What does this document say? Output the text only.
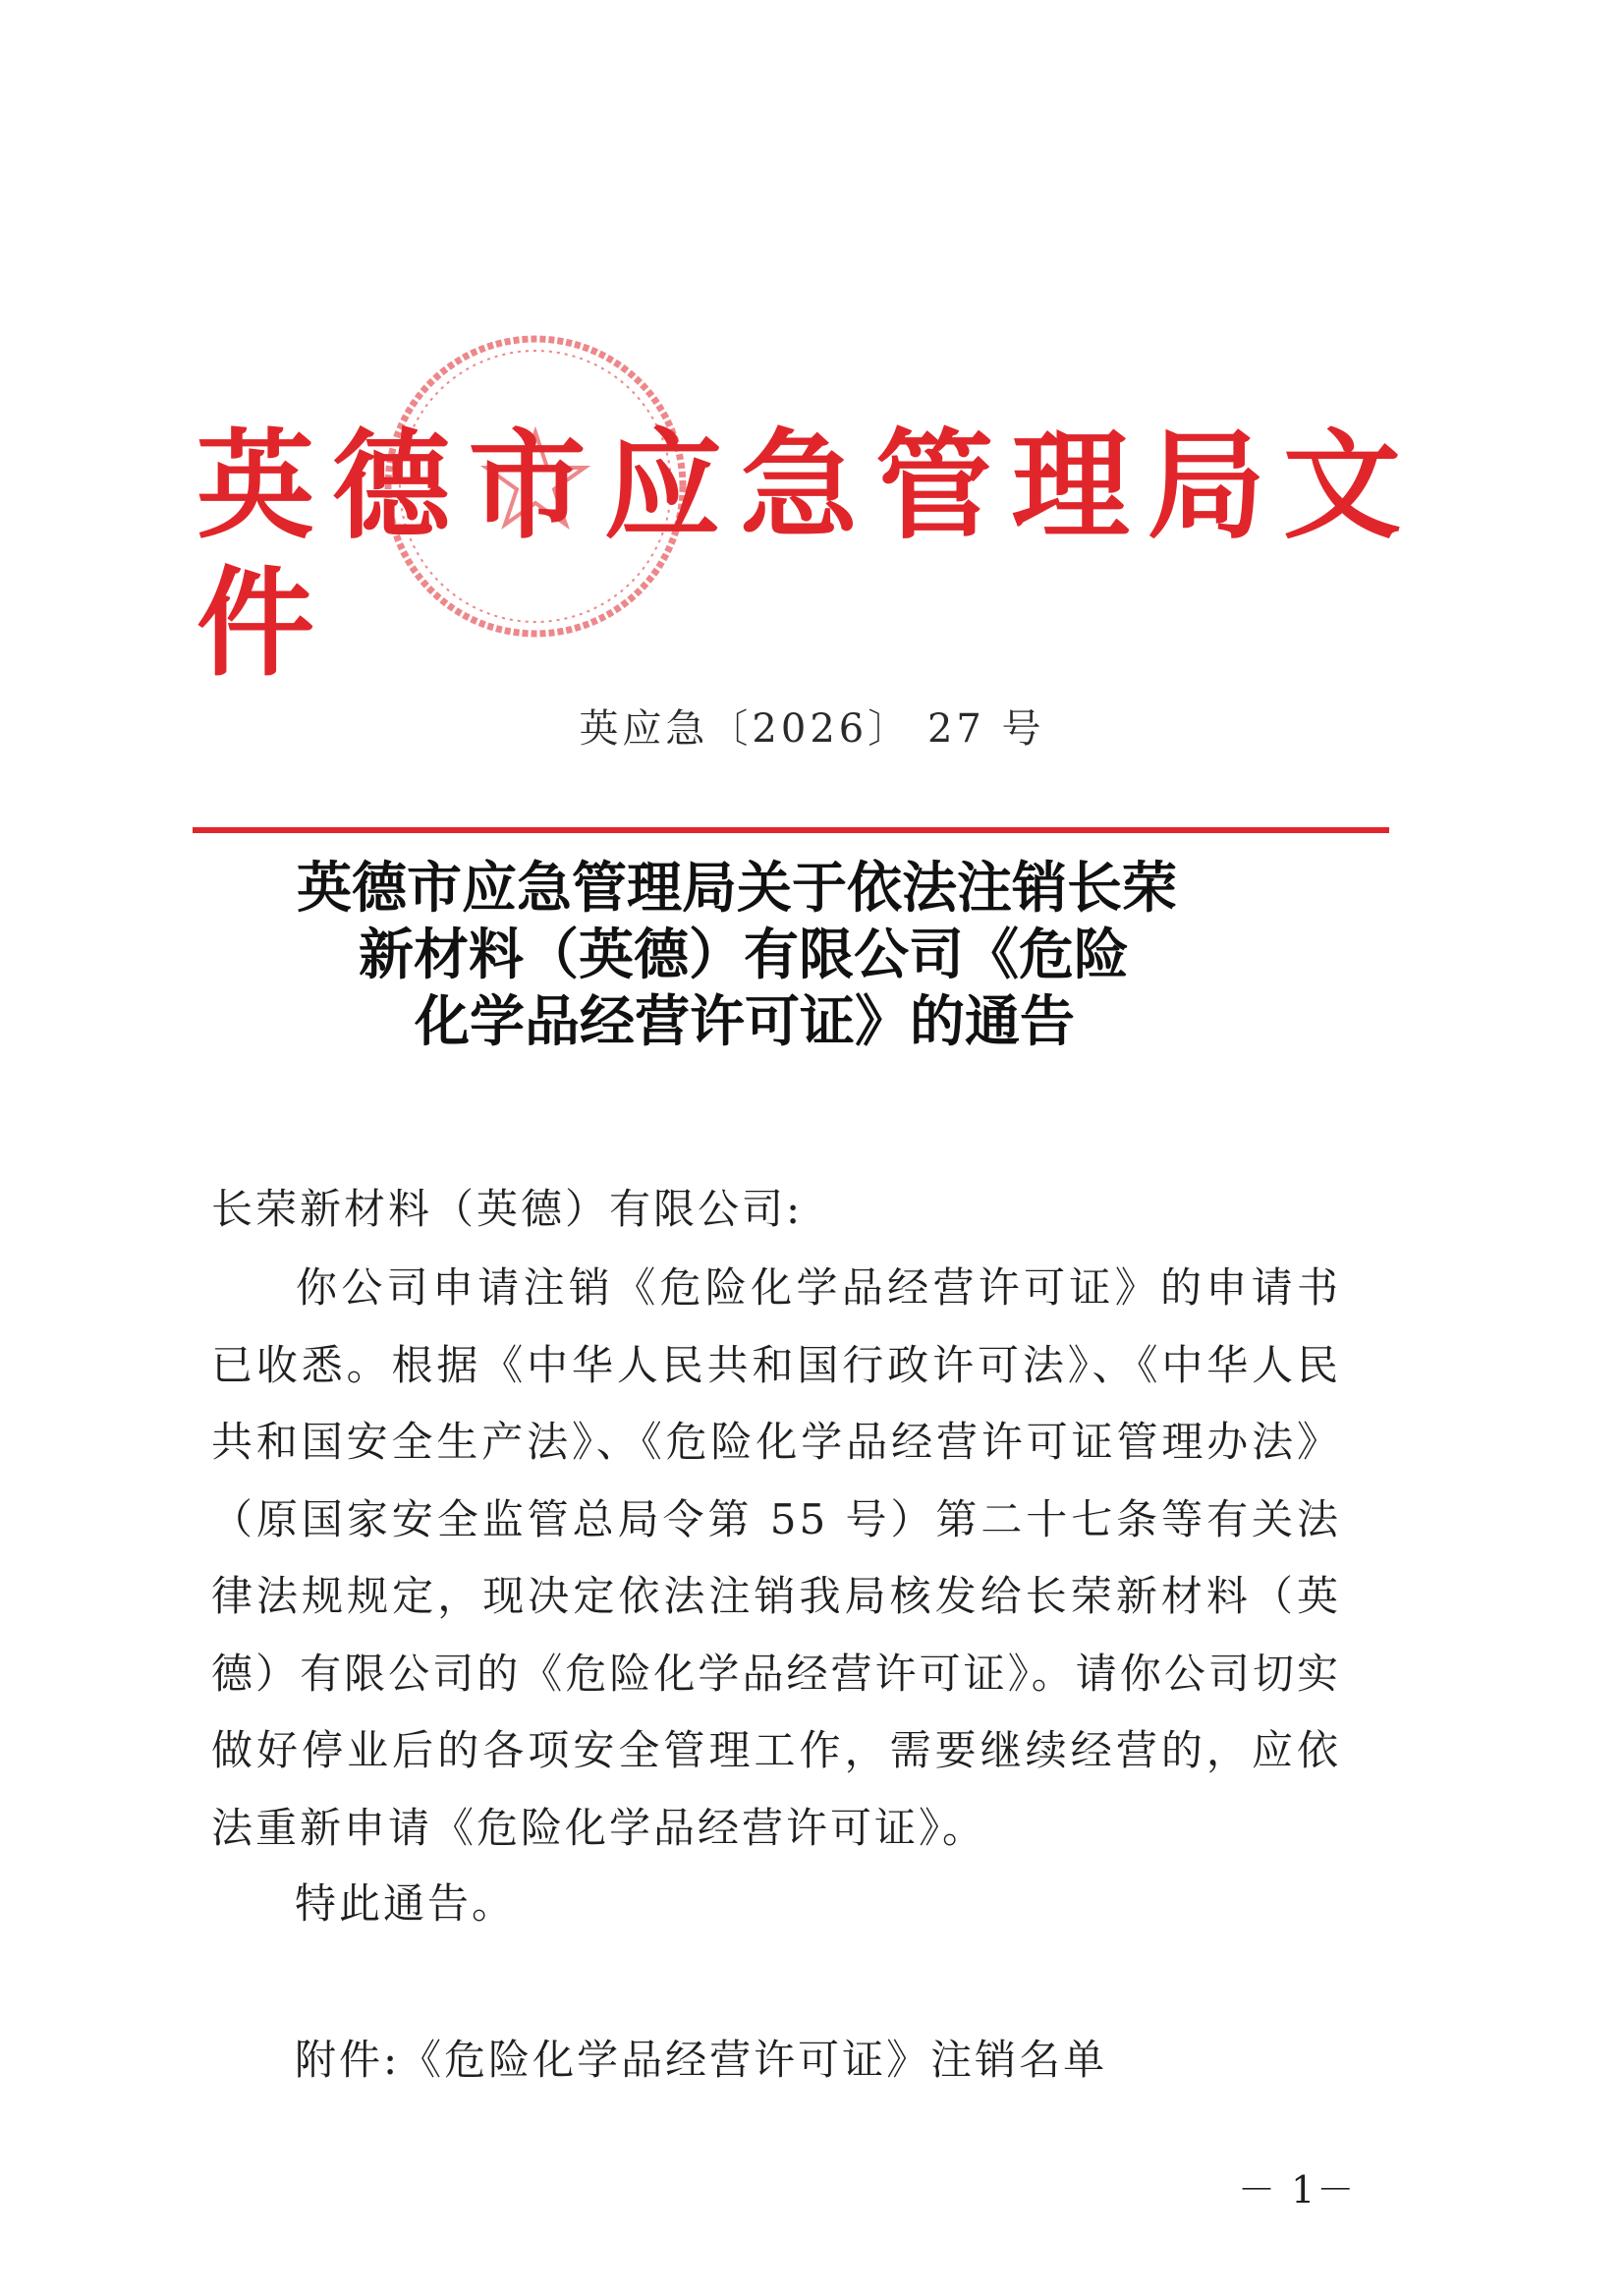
英德市应急管理局文件
英应急〔2026〕 27 号
英德市应急管理局关于依法注销长荣
新材料（英德）有限公司《危险
化学品经营许可证》的通告
长荣新材料（英德）有限公司:

你公司申请注销《危险化学品经营许可证》的申请书已收悉。根据《中华人民共和国行政许可法》、《中华人民共和国安全生产法》、《危险化学品经营许可证管理办法》（原国家安全监管总局令第 55 号）第二十七条等有关法律法规规定，现决定依法注销我局核发给长荣新材料（英德）有限公司的《危险化学品经营许可证》。请你公司切实做好停业后的各项安全管理工作，需要继续经营的，应依法重新申请《危险化学品经营许可证》。

特此通告。
附件:《危险化学品经营许可证》注销名单
－ 1－
